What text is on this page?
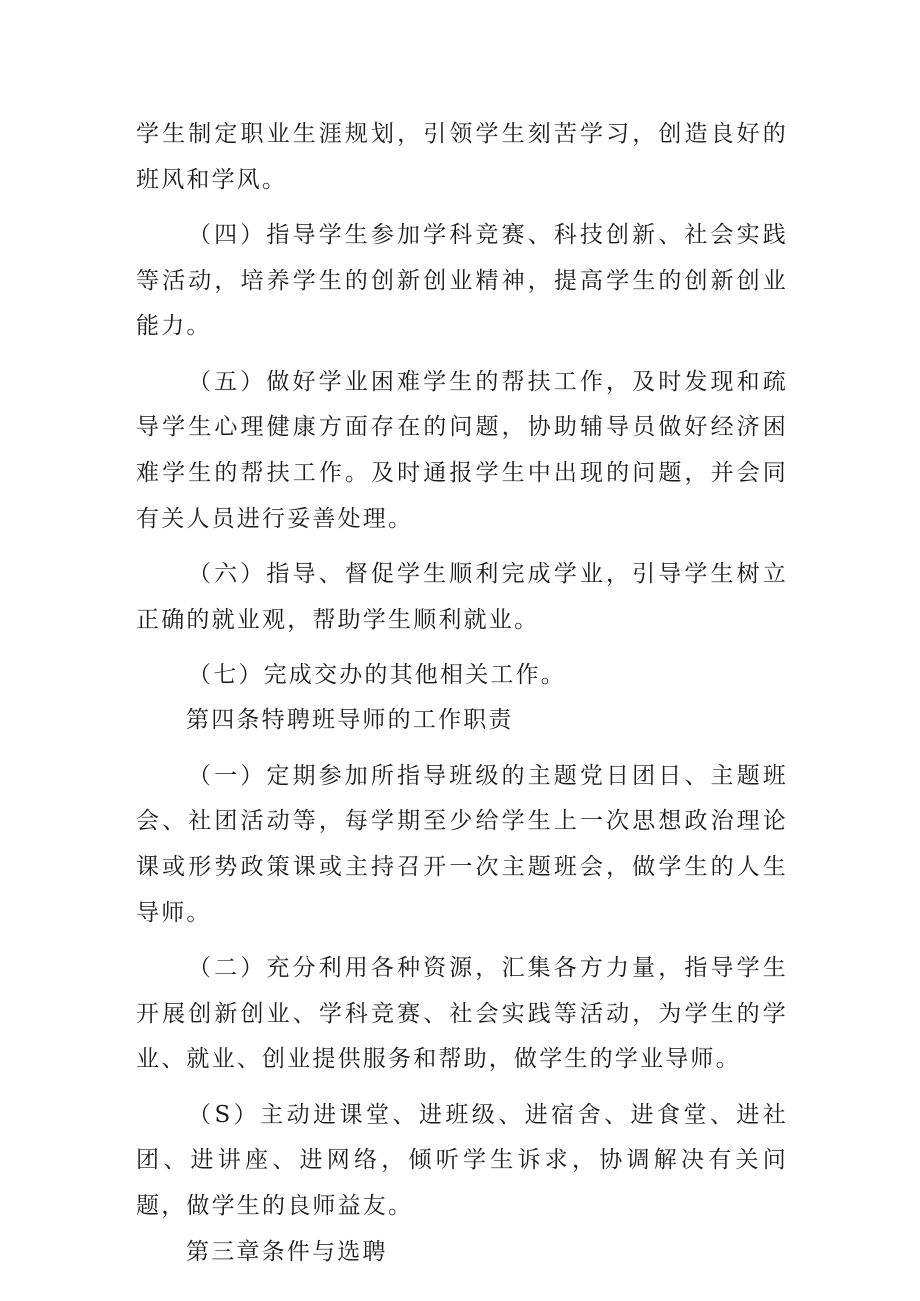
学生制定职业生涯规划，引领学生刻苦学习，创造良好的班风和学风。

（四）指导学生参加学科竞赛、科技创新、社会实践等活动，培养学生的创新创业精神，提高学生的创新创业能力。

（五）做好学业困难学生的帮扶工作，及时发现和疏导学生心理健康方面存在的问题，协助辅导员做好经济困难学生的帮扶工作。及时通报学生中出现的问题，并会同有关人员进行妥善处理。

（六）指导、督促学生顺利完成学业，引导学生树立正确的就业观，帮助学生顺利就业。

（七）完成交办的其他相关工作。

第四条特聘班导师的工作职责

（一）定期参加所指导班级的主题党日团日、主题班会、社团活动等，每学期至少给学生上一次思想政治理论课或形势政策课或主持召开一次主题班会，做学生的人生导师。

（二）充分利用各种资源，汇集各方力量，指导学生开展创新创业、学科竞赛、社会实践等活动，为学生的学业、就业、创业提供服务和帮助，做学生的学业导师。

（S）主动进课堂、进班级、进宿舍、进食堂、进社团、进讲座、进网络，倾听学生诉求，协调解决有关问题，做学生的良师益友。

第三章条件与选聘
